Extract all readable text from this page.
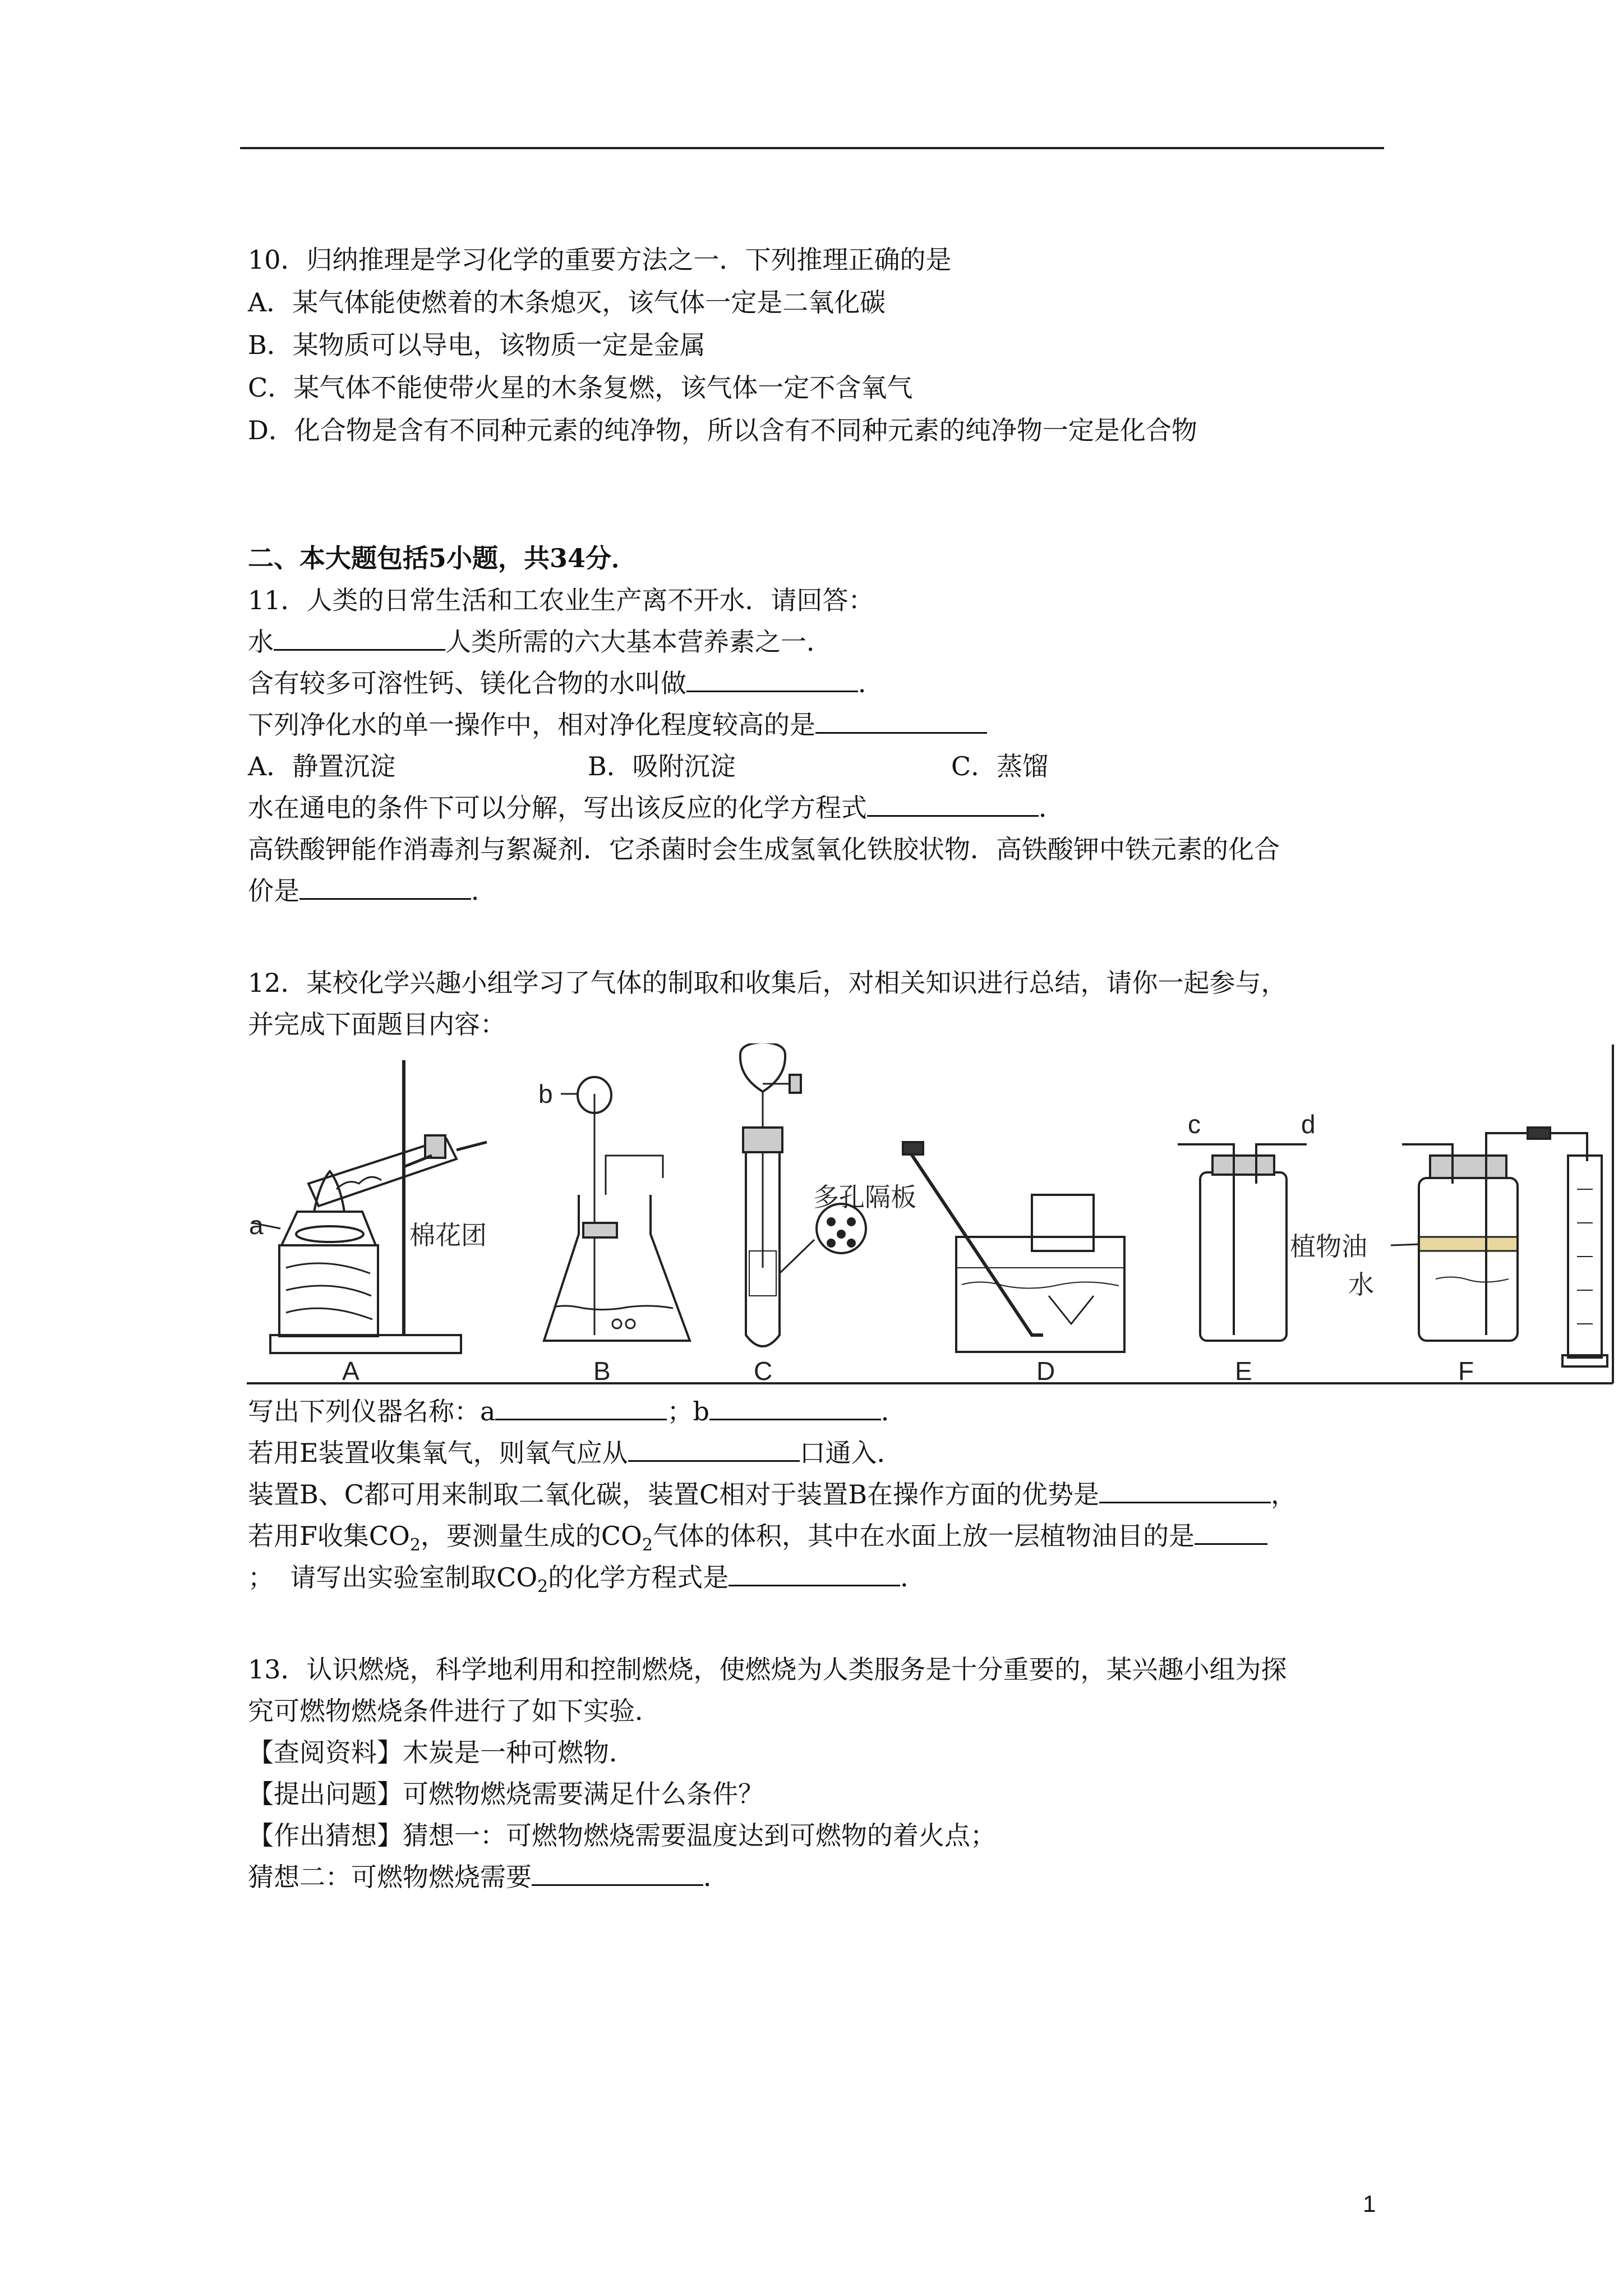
10．归纳推理是学习化学的重要方法之一．下列推理正确的是
A．某气体能使燃着的木条熄灭，该气体一定是二氧化碳
B．某物质可以导电，该物质一定是金属
C．某气体不能使带火星的木条复燃，该气体一定不含氧气
D．化合物是含有不同种元素的纯净物，所以含有不同种元素的纯净物一定是化合物
二、本大题包括5小题，共34分．
11．人类的日常生活和工农业生产离不开水．请回答：
水	人类所需的六大基本营养素之一．
含有较多可溶性钙、镁化合物的水叫做	．
下列净化水的单一操作中，相对净化程度较高的是
A．静置沉淀	B．吸附沉淀	C．蒸馏
水在通电的条件下可以分解，写出该反应的化学方程式	．
高铁酸钾能作消毒剂与絮凝剂．它杀菌时会生成氢氧化铁胶状物．高铁酸钾中铁元素的化合
价是	．
12．某校化学兴趣小组学习了气体的制取和收集后，对相关知识进行总结，请你一起参与，
并完成下面题目内容：
a	棉花团
b
多孔隔板
c	d
植物油
水
A	B	C	D	E	F
写出下列仪器名称：a	；b	．
若用E装置收集氧气，则氧气应从	口通入．
装置B、C都可用来制取二氧化碳，装置C相对于装置B在操作方面的优势是	，
若用F收集$CO_2$，要测量生成的$CO_2$气体的体积，其中在水面上放一层植物油目的是
；  请写出实验室制取$CO_2$的化学方程式是	．
13．认识燃烧，科学地利用和控制燃烧，使燃烧为人类服务是十分重要的，某兴趣小组为探
究可燃物燃烧条件进行了如下实验．
【查阅资料】木炭是一种可燃物．
【提出问题】可燃物燃烧需要满足什么条件？
【作出猜想】猜想一：可燃物燃烧需要温度达到可燃物的着火点；
猜想二：可燃物燃烧需要	．
1
